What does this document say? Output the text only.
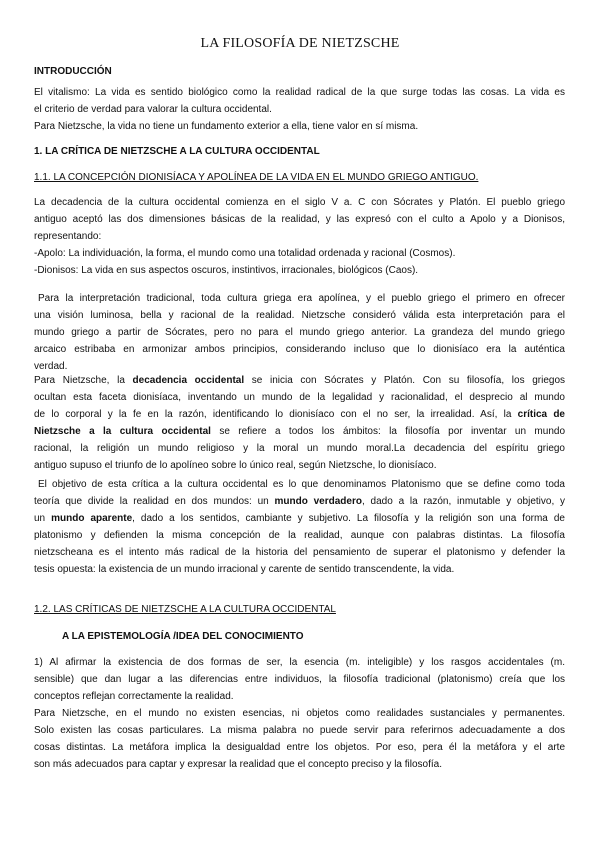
LA FILOSOFÍA DE NIETZSCHE
INTRODUCCIÓN
El vitalismo: La vida es sentido biológico como la realidad radical de la que surge todas las cosas. La vida es
el criterio de verdad para valorar la cultura occidental.
Para Nietzsche, la vida no tiene un fundamento exterior a ella, tiene valor en sí misma.
1. LA CRÍTICA DE NIETZSCHE A LA CULTURA OCCIDENTAL
1.1. LA CONCEPCIÓN DIONISÍACA Y APOLÍNEA DE LA VIDA EN EL MUNDO GRIEGO ANTIGUO.
La decadencia de la cultura occidental comienza en el siglo V a. C con Sócrates y Platón. El pueblo griego
antiguo aceptó las dos dimensiones básicas de la realidad, y las expresó con el culto a Apolo y a Dionisos,
representando:
-Apolo: La individuación, la forma, el mundo como una totalidad ordenada y racional (Cosmos).
-Dionisos: La vida en sus aspectos oscuros, instintivos, irracionales, biológicos (Caos).
Para la interpretación tradicional, toda cultura griega era apolínea, y el pueblo griego el primero en ofrecer
una visión luminosa, bella y racional de la realidad. Nietzsche consideró válida esta interpretación para el
mundo griego a partir de Sócrates, pero no para el mundo griego anterior. La grandeza del mundo griego
arcaico estribaba en armonizar ambos principios, considerando incluso que lo dionisíaco era la auténtica
verdad.
Para Nietzsche, la decadencia occidental se inicia con Sócrates y Platón. Con su filosofía, los griegos
ocultan esta faceta dionisíaca, inventando un mundo de la legalidad y racionalidad, el desprecio al mundo
de lo corporal y la fe en la razón, identificando lo dionisíaco con el no ser, la irrealidad. Así, la crítica de
Nietzsche a la cultura occidental se refiere a todos los ámbitos: la filosofía por inventar un mundo
racional, la religión un mundo religioso y la moral un mundo moral.La decadencia del espíritu griego
antiguo supuso el triunfo de lo apolíneo sobre lo único real, según Nietzsche, lo dionisíaco.
El objetivo de esta crítica a la cultura occidental es lo que denominamos Platonismo que se define como toda
teoría que divide la realidad en dos mundos: un mundo verdadero, dado a la razón, inmutable y objetivo, y
un mundo aparente, dado a los sentidos, cambiante y subjetivo. La filosofía y la religión son una forma de
platonismo y defienden la misma concepción de la realidad, aunque con palabras distintas. La filosofía
nietzscheana es el intento más radical de la historia del pensamiento de superar el platonismo y defender la
tesis opuesta: la existencia de un mundo irracional y carente de sentido transcendente, la vida.
1.2. LAS CRÍTICAS DE NIETZSCHE A LA CULTURA OCCIDENTAL
A LA EPISTEMOLOGÍA /IDEA DEL CONOCIMIENTO
1) Al afirmar la existencia de dos formas de ser, la esencia (m. inteligible) y los rasgos accidentales (m.
sensible) que dan lugar a las diferencias entre individuos, la filosofía tradicional (platonismo) creía que los
conceptos reflejan correctamente la realidad.
Para Nietzsche, en el mundo no existen esencias, ni objetos como realidades sustanciales y permanentes.
Solo existen las cosas particulares. La misma palabra no puede servir para referirnos adecuadamente a dos
cosas distintas. La metáfora implica la desigualdad entre los objetos. Por eso, pera él la metáfora y el arte
son más adecuados para captar y expresar la realidad que el concepto preciso y la filosofía.
